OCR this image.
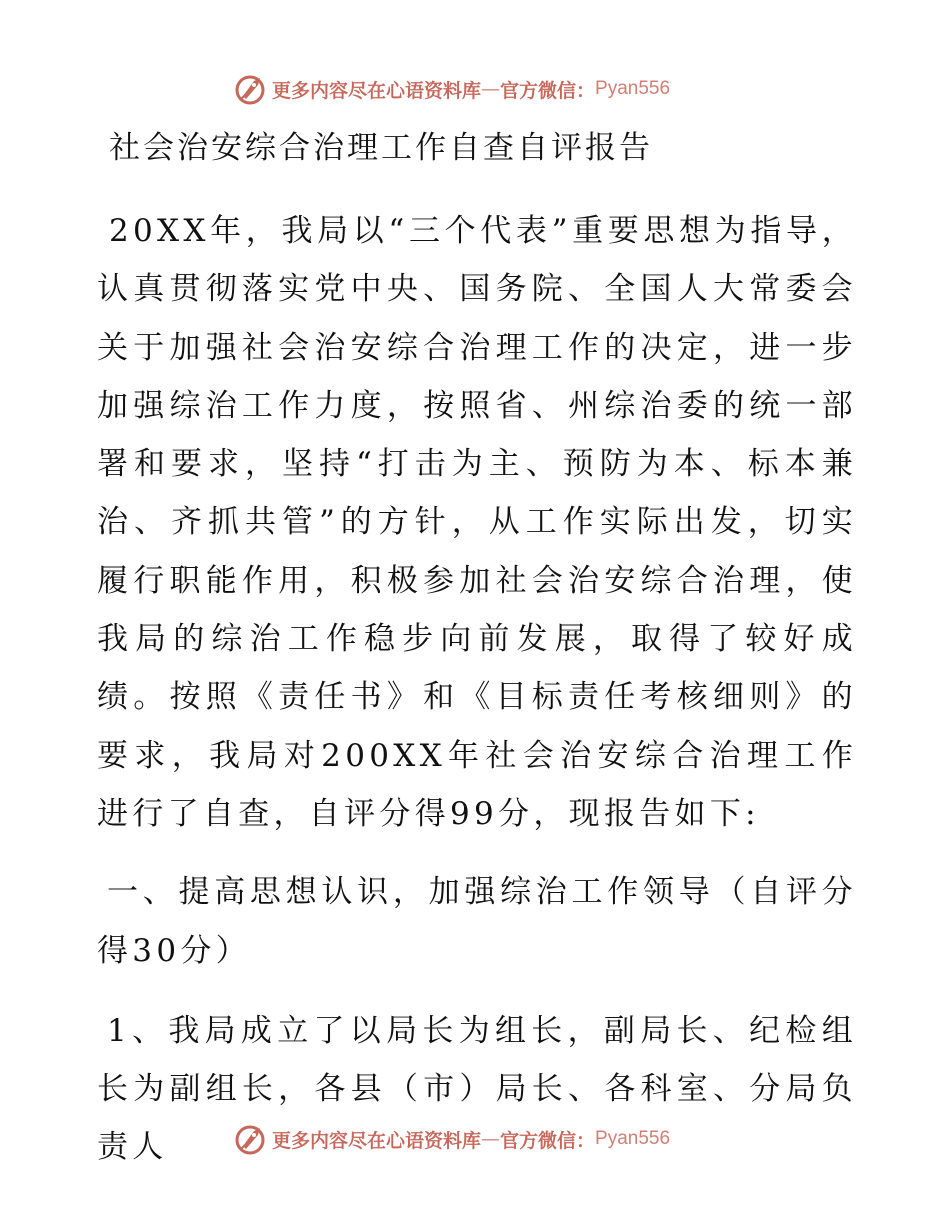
更多内容尽在心语资料库 — 官方微信： Pyan556
社会治安综合治理工作自查自评报告

20XX年，我局以“三个代表”重要思想为指导，认真贯彻落实党中央、国务院、全国人大常委会关于加强社会治安综合治理工作的决定，进一步加强综治工作力度，按照省、州综治委的统一部署和要求，坚持“打击为主、预防为本、标本兼治、齐抓共管”的方针，从工作实际出发，切实履行职能作用，积极参加社会治安综合治理，使我局的综治工作稳步向前发展，取得了较好成绩。按照《责任书》和《目标责任考核细则》的要求，我局对200XX年社会治安综合治理工作进行了自查，自评分得99分，现报告如下:

一、提高思想认识，加强综治工作领导（自评分得30分）

1、我局成立了以局长为组长，副局长、纪检组长为副组长，各县（市）局长、各科室、分局负责人	更多内容尽在心语资料库 — 官方微信： Pyan556
